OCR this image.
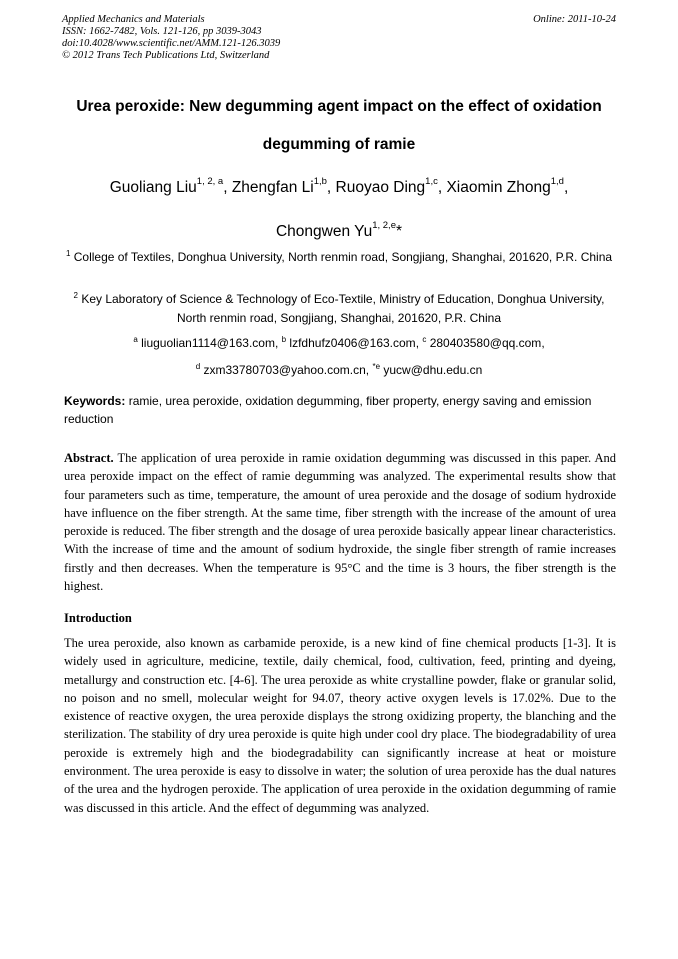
Applied Mechanics and Materials
ISSN: 1662-7482, Vols. 121-126, pp 3039-3043
doi:10.4028/www.scientific.net/AMM.121-126.3039
© 2012 Trans Tech Publications Ltd, Switzerland
Online: 2011-10-24
Urea peroxide: New degumming agent impact on the effect of oxidation degumming of ramie
Guoliang Liu$^{1, 2, a}$, Zhengfan Li$^{1,b}$, Ruoyao Ding$^{1,c}$, Xiaomin Zhong$^{1,d}$,
Chongwen Yu$^{1, 2,e}$*
$^1$ College of Textiles, Donghua University, North renmin road, Songjiang, Shanghai, 201620, P.R. China
$^2$ Key Laboratory of Science & Technology of Eco-Textile, Ministry of Education, Donghua University, North renmin road, Songjiang, Shanghai, 201620, P.R. China
$^a$ liuguolian1114@163.com, $^b$ lzfdhufz0406@163.com, $^c$ 280403580@qq.com,
$^d$ zxm33780703@yahoo.com.cn, $^{*e}$ yucw@dhu.edu.cn

Keywords: ramie, urea peroxide, oxidation degumming, fiber property, energy saving and emission reduction

Abstract. The application of urea peroxide in ramie oxidation degumming was discussed in this paper. And urea peroxide impact on the effect of ramie degumming was analyzed. The experimental results show that four parameters such as time, temperature, the amount of urea peroxide and the dosage of sodium hydroxide have influence on the fiber strength. At the same time, fiber strength with the increase of the amount of urea peroxide is reduced. The fiber strength and the dosage of urea peroxide basically appear linear characteristics. With the increase of time and the amount of sodium hydroxide, the single fiber strength of ramie increases firstly and then decreases. When the temperature is 95°C and the time is 3 hours, the fiber strength is the highest.

Introduction

The urea peroxide, also known as carbamide peroxide, is a new kind of fine chemical products [1-3]. It is widely used in agriculture, medicine, textile, daily chemical, food, cultivation, feed, printing and dyeing, metallurgy and construction etc. [4-6]. The urea peroxide as white crystalline powder, flake or granular solid, no poison and no smell, molecular weight for 94.07, theory active oxygen levels is 17.02%. Due to the existence of reactive oxygen, the urea peroxide displays the strong oxidizing property, the blanching and the sterilization. The stability of dry urea peroxide is quite high under cool dry place. The biodegradability of urea peroxide is extremely high and the biodegradability can significantly increase at heat or moisture environment. The urea peroxide is easy to dissolve in water; the solution of urea peroxide has the dual natures of the urea and the hydrogen peroxide. The application of urea peroxide in the oxidation degumming of ramie was discussed in this article. And the effect of degumming was analyzed.
